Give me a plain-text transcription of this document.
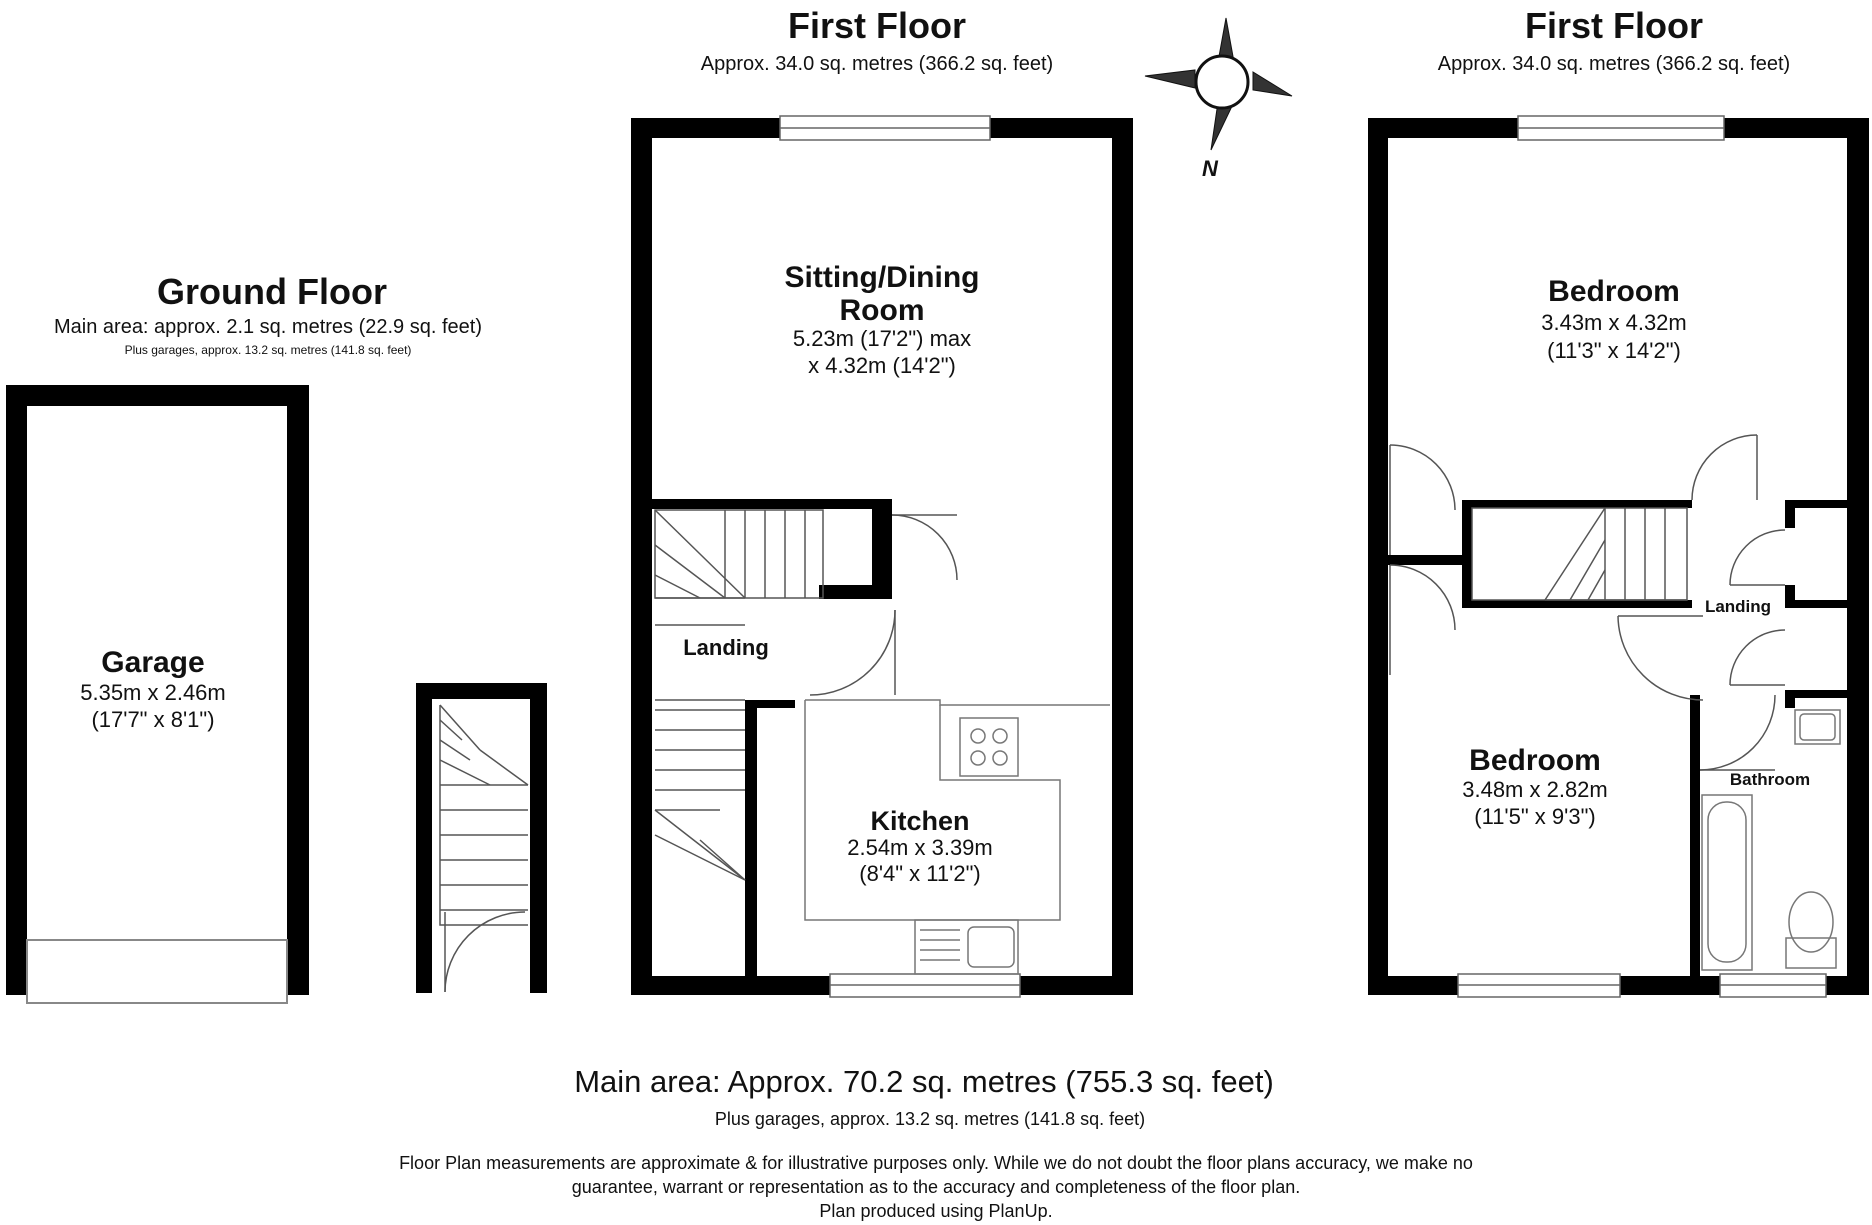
Ground Floor
Main area: approx. 2.1 sq. metres (22.9 sq. feet)
Plus garages, approx. 13.2 sq. metres (141.8 sq. feet)
Garage
5.35m x 2.46m
(17'7" x 8'1")
First Floor
Approx. 34.0 sq. metres (366.2 sq. feet)
Sitting/Dining
Room
5.23m (17'2") max
x 4.32m (14'2")
Landing
Kitchen
2.54m x 3.39m
(8'4" x 11'2")
N
First Floor
Approx. 34.0 sq. metres (366.2 sq. feet)
Bedroom
3.43m x 4.32m
(11'3" x 14'2")
Landing
Bedroom
3.48m x 2.82m
(11'5" x 9'3")
Bathroom
Main area: Approx. 70.2 sq. metres (755.3 sq. feet)
Plus garages, approx. 13.2 sq. metres (141.8 sq. feet)
Floor Plan measurements are approximate & for illustrative purposes only. While we do not doubt the floor plans accuracy, we make no
guarantee, warrant or representation as to the accuracy and completeness of the floor plan.
Plan produced using PlanUp.
